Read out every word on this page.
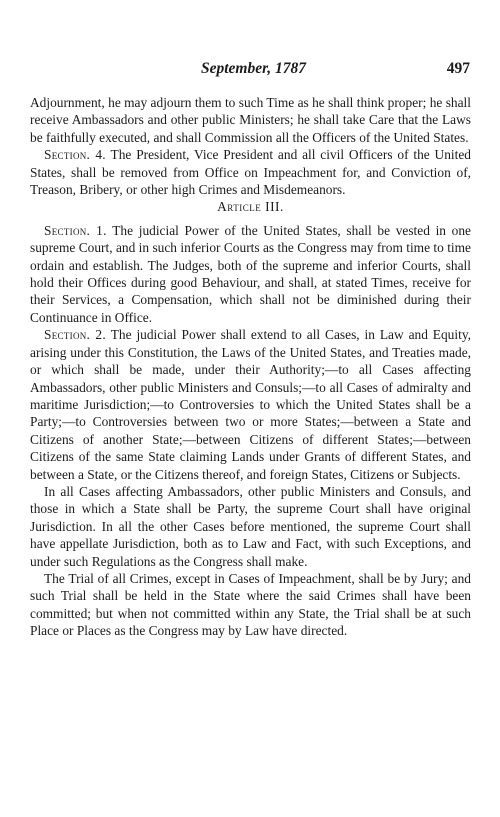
September, 1787	497

Adjournment, he may adjourn them to such Time as he shall think proper; he shall receive Ambassadors and other public Ministers; he shall take Care that the Laws be faithfully executed, and shall Commission all the Officers of the United States.

Section. 4. The President, Vice President and all civil Officers of the United States, shall be removed from Office on Impeachment for, and Conviction of, Treason, Bribery, or other high Crimes and Misdemeanors.

Article III.

Section. 1. The judicial Power of the United States, shall be vested in one supreme Court, and in such inferior Courts as the Congress may from time to time ordain and establish. The Judges, both of the supreme and inferior Courts, shall hold their Offices during good Behaviour, and shall, at stated Times, receive for their Services, a Compensation, which shall not be diminished during their Continuance in Office.

Section. 2. The judicial Power shall extend to all Cases, in Law and Equity, arising under this Constitution, the Laws of the United States, and Treaties made, or which shall be made, under their Authority;—to all Cases affecting Ambassadors, other public Ministers and Consuls;—to all Cases of admiralty and maritime Jurisdiction;—to Controversies to which the United States shall be a Party;—to Controversies between two or more States;—between a State and Citizens of another State;—between Citizens of different States;—between Citizens of the same State claiming Lands under Grants of different States, and between a State, or the Citizens thereof, and foreign States, Citizens or Subjects.

In all Cases affecting Ambassadors, other public Ministers and Consuls, and those in which a State shall be Party, the supreme Court shall have original Jurisdiction. In all the other Cases before mentioned, the supreme Court shall have appellate Jurisdiction, both as to Law and Fact, with such Exceptions, and under such Regulations as the Congress shall make.

The Trial of all Crimes, except in Cases of Impeachment, shall be by Jury; and such Trial shall be held in the State where the said Crimes shall have been committed; but when not committed within any State, the Trial shall be at such Place or Places as the Congress may by Law have directed.
